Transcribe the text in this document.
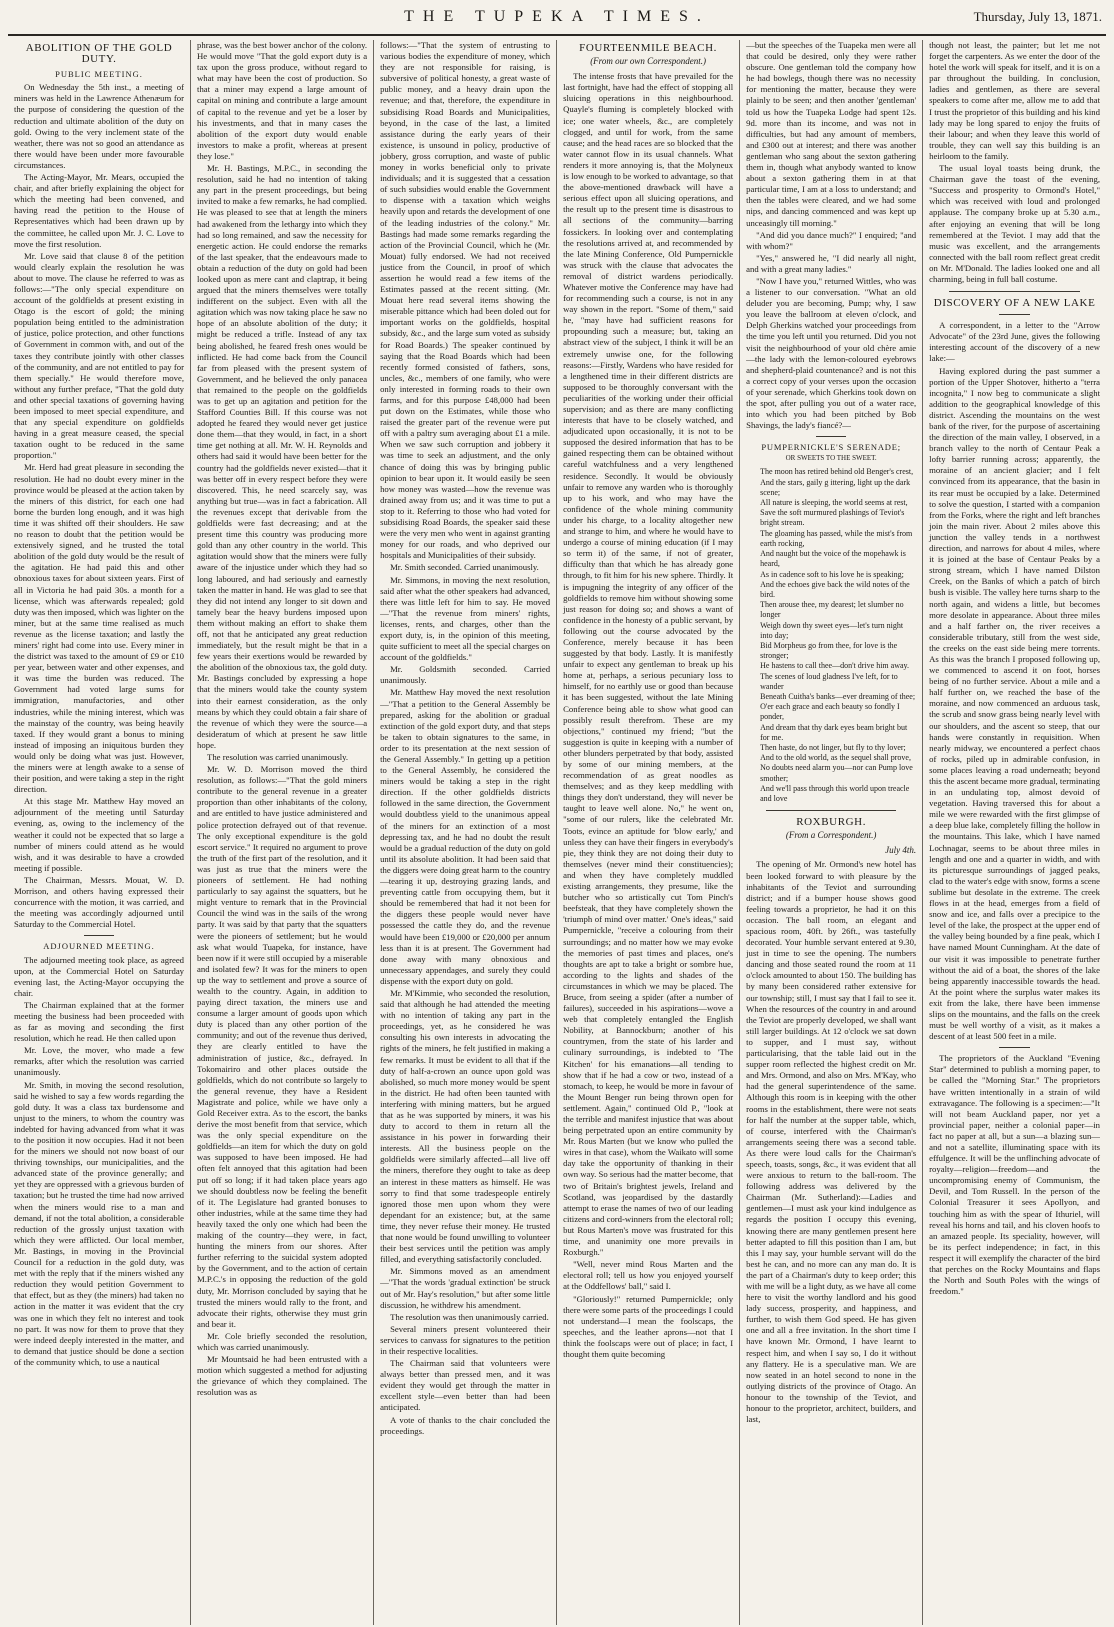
THE TUPEKA TIMES.	Thursday, July 13, 1871.
ABOLITION OF THE GOLD DUTY.
PUBLIC MEETING.

On Wednesday the 5th inst., a meeting of miners was held in the Lawrence Athenæum for the purpose of considering the question of the reduction and ultimate abolition of the duty on gold. Owing to the very inclement state of the weather, there was not so good an attendance as there would have been under more favourable circumstances.

The Acting-Mayor, Mr. Mears, occupied the chair, and after briefly explaining the object for which the meeting had been convened, and having read the petition to the House of Representatives which had been drawn up by the committee, he called upon Mr. J. C. Love to move the first resolution.

Mr. Love said that clause 8 of the petition would clearly explain the resolution he was about to move. The clause he referred to was as follows:—"The only special expenditure on account of the goldfields at present existing in Otago is the escort of gold; the mining population being entitled to the administration of justice, police protection, and other functions of Government in common with, and out of the taxes they contribute jointly with other classes of the community, and are not entitled to pay for them specially." He would therefore move, without any further preface, "That the gold duty and other special taxations of governing having been imposed to meet special expenditure, and that any special expenditure on goldfields having in a great measure ceased, the special taxation ought to be reduced in the same proportion."

Mr. Herd had great pleasure in seconding the resolution. He had no doubt every miner in the province would be pleased at the action taken by the miners of this district, for each one had borne the burden long enough, and it was high time it was shifted off their shoulders. He saw no reason to doubt that the petition would be extensively signed, and he trusted the total abolition of the gold duty would be the result of the agitation. He had paid this and other obnoxious taxes for about sixteen years. First of all in Victoria he had paid 30s. a month for a license, which was afterwards repealed; gold duty was then imposed, which was lighter on the miner, but at the same time realised as much revenue as the license taxation; and lastly the miners' right had come into use. Every miner in the district was taxed to the amount of £9 or £10 per year, between water and other expenses, and it was time the burden was reduced. The Government had voted large sums for immigration, manufactories, and other industries, while the mining interest, which was the mainstay of the country, was being heavily taxed. If they would grant a bonus to mining instead of imposing an iniquitous burden they would only be doing what was just. However, the miners were at length awake to a sense of their position, and were taking a step in the right direction.

At this stage Mr. Matthew Hay moved an adjournment of the meeting until Saturday evening, as, owing to the inclemency of the weather it could not be expected that so large a number of miners could attend as he would wish, and it was desirable to have a crowded meeting if possible.

The Chairman, Messrs. Mouat, W. D. Morrison, and others having expressed their concurrence with the motion, it was carried, and the meeting was accordingly adjourned until Saturday to the Commercial Hotel.

ADJOURNED MEETING.

The adjourned meeting took place, as agreed upon, at the Commercial Hotel on Saturday evening last, the Acting-Mayor occupying the chair.

The Chairman explained that at the former meeting the business had been proceeded with as far as moving and seconding the first resolution, which he read. He then called upon

Mr. Love, the mover, who made a few remarks, after which the resolution was carried unanimously.

Mr. Smith, in moving the second resolution, said he wished to say a few words regarding the gold duty. It was a class tax burdensome and unjust to the miners, to whom the country was indebted for having advanced from what it was to the position it now occupies. Had it not been for the miners we should not now boast of our thriving townships, our municipalities, and the advanced state of the province generally; and yet they are oppressed with a grievous burden of taxation; but he trusted the time had now arrived when the miners would rise to a man and demand, if not the total abolition, a considerable reduction of the grossly unjust taxation with which they were afflicted. Our local member, Mr. Bastings, in moving in the Provincial Council for a reduction in the gold duty, was met with the reply that if the miners wished any reduction they would petition Government to that effect, but as they (the miners) had taken no action in the matter it was evident that the cry was one in which they felt no interest and took no part. It was now for them to prove that they were indeed deeply interested in the matter, and to demand that justice should be done a section of the community which, to use a nautical

phrase, was the best bower anchor of the colony. He would move "That the gold export duty is a tax upon the gross produce, without regard to what may have been the cost of production. So that a miner may expend a large amount of capital on mining and contribute a large amount of capital to the revenue and yet be a loser by his investments, and that in many cases the abolition of the export duty would enable investors to make a profit, whereas at present they lose."

Mr. H. Bastings, M.P.C., in seconding the resolution, said he had no intention of taking any part in the present proceedings, but being invited to make a few remarks, he had complied. He was pleased to see that at length the miners had awakened from the lethargy into which they had so long remained, and saw the necessity for energetic action. He could endorse the remarks of the last speaker, that the endeavours made to obtain a reduction of the duty on gold had been looked upon as mere cant and claptrap, it being argued that the miners themselves were totally indifferent on the subject. Even with all the agitation which was now taking place he saw no hope of an absolute abolition of the duty; it might be reduced a trifle. Instead of any tax being abolished, he feared fresh ones would be inflicted. He had come back from the Council far from pleased with the present system of Government, and he believed the only panacea that remained to the people on the goldfields was to get up an agitation and petition for the Stafford Counties Bill. If this course was not adopted he feared they would never get justice done them—that they would, in fact, in a short time get nothing at all. Mr. W. H. Reynolds and others had said it would have been better for the country had the goldfields never existed—that it was better off in every respect before they were discovered. This, he need scarcely say, was anything but true—was in fact a fabrication. All the revenues except that derivable from the goldfields were fast decreasing; and at the present time this country was producing more gold than any other country in the world. This agitation would show that the miners were fully aware of the injustice under which they had so long laboured, and had seriously and earnestly taken the matter in hand. He was glad to see that they did not intend any longer to sit down and tamely bear the heavy burdens imposed upon them without making an effort to shake them off, not that he anticipated any great reduction immediately, but the result might be that in a few years their exertions would be rewarded by the abolition of the obnoxious tax, the gold duty. Mr. Bastings concluded by expressing a hope that the miners would take the county system into their earnest consideration, as the only means by which they could obtain a fair share of the revenue of which they were the source—a desideratum of which at present he saw little hope.

The resolution was carried unanimously.

Mr. W. D. Morrison moved the third resolution, as follows:—"That the gold miners contribute to the general revenue in a greater proportion than other inhabitants of the colony, and are entitled to have justice administered and police protection defrayed out of that revenue. The only exceptional expenditure is the gold escort service." It required no argument to prove the truth of the first part of the resolution, and it was just as true that the miners were the pioneers of settlement. He had nothing particularly to say against the squatters, but he might venture to remark that in the Provincial Council the wind was in the sails of the wrong party. It was said by that party that the squatters were the pioneers of settlement; but he would ask what would Tuapeka, for instance, have been now if it were still occupied by a miserable and isolated few? It was for the miners to open up the way to settlement and prove a source of wealth to the country. Again, in addition to paying direct taxation, the miners use and consume a larger amount of goods upon which duty is placed than any other portion of the community; and out of the revenue thus derived, they are clearly entitled to have the administration of justice, &c., defrayed. In Tokomairiro and other places outside the goldfields, which do not contribute so largely to the general revenue, they have a Resident Magistrate and police, while we have only a Gold Receiver extra. As to the escort, the banks derive the most benefit from that service, which was the only special expenditure on the goldfields—an item for which the duty on gold was supposed to have been imposed. He had often felt annoyed that this agitation had been put off so long; if it had taken place years ago we should doubtless now be feeling the benefit of it. The Legislature had granted bonuses to other industries, while at the same time they had heavily taxed the only one which had been the making of the country—they were, in fact, hunting the miners from our shores. After further referring to the suicidal system adopted by the Government, and to the action of certain M.P.C.'s in opposing the reduction of the gold duty, Mr. Morrison concluded by saying that he trusted the miners would rally to the front, and advocate their rights, otherwise they must grin and bear it.

Mr. Cole briefly seconded the resolution, which was carried unanimously.

Mr Mountsaid he had been entrusted with a motion which suggested a method for adjusting the grievance of which they complained. The resolution was as

follows:—"That the system of entrusting to various bodies the expenditure of money, which they are not responsible for raising, is subversive of political honesty, a great waste of public money, and a heavy drain upon the revenue; and that, therefore, the expenditure in subsidising Road Boards and Municipalities, beyond, in the case of the last, a limited assistance during the early years of their existence, is unsound in policy, productive of jobbery, gross corruption, and waste of public money in works beneficial only to private individuals; and it is suggested that a cessation of such subsidies would enable the Government to dispense with a taxation which weighs heavily upon and retards the development of one of the leading industries of the colony." Mr. Bastings had made some remarks regarding the action of the Provincial Council, which he (Mr. Mouat) fully endorsed. We had not received justice from the Council, in proof of which assertion he would read a few items of the Estimates passed at the recent sitting. (Mr. Mouat here read several items showing the miserable pittance which had been doled out for important works on the goldfields, hospital subsidy, &c., and the large sum voted as subsidy for Road Boards.) The speaker continued by saying that the Road Boards which had been recently formed consisted of fathers, sons, uncles, &c., members of one family, who were only interested in forming roads to their own farms, and for this purpose £48,000 had been put down on the Estimates, while those who raised the greater part of the revenue were put off with a paltry sum averaging about £1 a mile. When we saw such corruption and jobbery it was time to seek an adjustment, and the only chance of doing this was by bringing public opinion to bear upon it. It would easily be seen how money was wasted—how the revenue was drained away from us; and it was time to put a stop to it. Referring to those who had voted for subsidising Road Boards, the speaker said these were the very men who went in against granting money for our roads, and who deprived our hospitals and Municipalities of their subsidy.

Mr. Smith seconded. Carried unanimously.

Mr. Simmons, in moving the next resolution, said after what the other speakers had advanced, there was little left for him to say. He moved—"That the revenue from miners' rights, licenses, rents, and charges, other than the export duty, is, in the opinion of this meeting, quite sufficient to meet all the special charges on account of the goldfields."

Mr. Goldsmith seconded. Carried unanimously.

Mr. Matthew Hay moved the next resolution—"That a petition to the General Assembly be prepared, asking for the abolition or gradual extinction of the gold export duty, and that steps be taken to obtain signatures to the same, in order to its presentation at the next session of the General Assembly." In getting up a petition to the General Assembly, he considered the miners would be taking a step in the right direction. If the other goldfields districts followed in the same direction, the Government would doubtless yield to the unanimous appeal of the miners for an extinction of a most depressing tax, and he had no doubt the result would be a gradual reduction of the duty on gold until its absolute abolition. It had been said that the diggers were doing great harm to the country—tearing it up, destroying grazing lands, and preventing cattle from occupying them, but it should be remembered that had it not been for the diggers these people would never have possessed the cattle they do, and the revenue would have been £19,000 or £20,000 per annum less than it is at present. The Government had done away with many obnoxious and unnecessary appendages, and surely they could dispense with the export duty on gold.

Mr. M'Kimmie, who seconded the resolution, said that although he had attended the meeting with no intention of taking any part in the proceedings, yet, as he considered he was consulting his own interests in advocating the rights of the miners, he felt justified in making a few remarks. It must be evident to all that if the duty of half-a-crown an ounce upon gold was abolished, so much more money would be spent in the district. He had often been taunted with interfering with mining matters, but he argued that as he was supported by miners, it was his duty to accord to them in return all the assistance in his power in forwarding their interests. All the business people on the goldfields were similarly affected—all live off the miners, therefore they ought to take as deep an interest in these matters as himself. He was sorry to find that some tradespeople entirely ignored those men upon whom they were dependant for an existence; but, at the same time, they never refuse their money. He trusted that none would be found unwilling to volunteer their best services until the petition was amply filled, and everything satisfactorily concluded.

Mr. Simmons moved as an amendment—"That the words 'gradual extinction' be struck out of Mr. Hay's resolution," but after some little discussion, he withdrew his amendment.

The resolution was then unanimously carried.

Several miners present volunteered their services to canvass for signatures to the petition in their respective localities.

The Chairman said that volunteers were always better than pressed men, and it was evident they would get through the matter in excellent style—even better than had been anticipated.

A vote of thanks to the chair concluded the proceedings.

FOURTEENMILE BEACH.
(From our own Correspondent.)

The intense frosts that have prevailed for the last fortnight, have had the effect of stopping all sluicing operations in this neighbourhood. Quayle's fluming is completely blocked with ice; one water wheels, &c., are completely clogged, and until for work, from the same cause; and the head races are so blocked that the water cannot flow in its usual channels. What renders it more annoying is, that the Molyneux is low enough to be worked to advantage, so that the above-mentioned drawback will have a serious effect upon all sluicing operations, and the result up to the present time is disastrous to all sections of the community—barring fossickers. In looking over and contemplating the resolutions arrived at, and recommended by the late Mining Conference, Old Pumpernickle was struck with the clause that advocates the removal of district wardens periodically. Whatever motive the Conference may have had for recommending such a course, is not in any way shown in the report. "Some of them," said he, "may have had sufficient reasons for propounding such a measure; but, taking an abstract view of the subject, I think it will be an extremely unwise one, for the following reasons:—Firstly, Wardens who have resided for a lengthened time in their different districts are supposed to be thoroughly conversant with the peculiarities of the working under their official supervision; and as there are many conflicting interests that have to be closely watched, and adjudicated upon occasionally, it is not to be supposed the desired information that has to be gained respecting them can be obtained without careful watchfulness and a very lengthened residence. Secondly. It would be obviously unfair to remove any warden who is thoroughly up to his work, and who may have the confidence of the whole mining community under his charge, to a locality altogether new and strange to him, and where he would have to undergo a course of mining education (if I may so term it) of the same, if not of greater, difficulty than that which he has already gone through, to fit him for his new sphere. Thirdly. It is impugning the integrity of any officer of the goldfields to remove him without showing some just reason for doing so; and shows a want of confidence in the honesty of a public servant, by following out the course advocated by the Conference, merely because it has been suggested by that body. Lastly. It is manifestly unfair to expect any gentleman to break up his home at, perhaps, a serious pecuniary loss to himself, for no earthly use or good than because it has been suggested, without the late Mining Conference being able to show what good can possibly result therefrom. These are my objections," continued my friend; "but the suggestion is quite in keeping with a number of other blunders perpetrated by that body, assisted by some of our mining members, at the recommendation of as great noodles as themselves; and as they keep meddling with things they don't understand, they will never be taught to leave well alone. No," he went on, "some of our rulers, like the celebrated Mr. Toots, evince an aptitude for 'blow early,' and unless they can have their fingers in everybody's pie, they think they are not doing their duty to themselves (never mind their constituencies); and when they have completely muddled existing arrangements, they presume, like the butcher who so artistically cut Tom Pinch's beefsteak, that they have completely shown the 'triumph of mind over matter.' One's ideas," said Pumpernickle, "receive a colouring from their surroundings; and no matter how we may evoke the memories of past times and places, one's thoughts are apt to take a bright or sombre hue, according to the lights and shades of the circumstances in which we may be placed. The Bruce, from seeing a spider (after a number of failures), succeeded in his aspirations—wove a web that completely entangled the English Nobility, at Bannockburn; another of his countrymen, from the state of his larder and culinary surroundings, is indebted to 'The Kitchen' for his emanations—all tending to show that if he had a cow or two, instead of a stomach, to keep, he would be more in favour of the Mount Benger run being thrown open for settlement. Again," continued Old P., "look at the terrible and manifest injustice that was about being perpetrated upon an entire community by Mr. Rous Marten (but we know who pulled the wires in that case), whom the Waikato will some day take the opportunity of thanking in their own way. So serious had the matter become, that two of Britain's brightest jewels, Ireland and Scotland, was jeopardised by the dastardly attempt to erase the names of two of our leading citizens and cord-winners from the electoral roll; but Rous Marten's move was frustrated for this time, and unanimity one more prevails in Roxburgh."

"Well, never mind Rous Marten and the electoral roll; tell us how you enjoyed yourself at the Oddfellows' ball," said I.

"Gloriously!" returned Pumpernickle; only there were some parts of the proceedings I could not understand—I mean the foolscaps, the speeches, and the leather aprons—not that I think the foolscaps were out of place; in fact, I thought them quite becoming

—but the speeches of the Tuapeka men were all that could be desired, only they were rather obscure. One gentleman told the company how he had bowlegs, though there was no necessity for mentioning the matter, because they were plainly to be seen; and then another 'gentleman' told us how the Tuapeka Lodge had spent 12s. 9d. more than its income, and was not in difficulties, but had any amount of members, and £300 out at interest; and there was another gentleman who sang about the sexton gathering them in, though what anybody wanted to know about a sexton gathering them in at that particular time, I am at a loss to understand; and then the tables were cleared, and we had some nips, and dancing commenced and was kept up unceasingly till morning."

"And did you dance much?" I enquired; "and with whom?"

"Yes," answered he, "I did nearly all night, and with a great many ladies."

"Now I have you," returned Wittles, who was a listener to our conversation. "What an old deluder you are becoming, Pump; why, I saw you leave the ballroom at eleven o'clock, and Delph Gherkins watched your proceedings from the time you left until you returned. Did you not visit the neighbourhood of your old chère amie—the lady with the lemon-coloured eyebrows and shepherd-plaid countenance? and is not this a correct copy of your verses upon the occasion of your serenade, which Gherkins took down on the spot, after pulling you out of a water race, into which you had been pitched by Bob Shavings, the lady's fiancé?—

PUMPERNICKLE'S SERENADE;
OR SWEETS TO THE SWEET.
The moon has retired behind old Benger's crest,
And the stars, gaily g ittering, light up the dark scene;
All nature is sleeping, the world seems at rest,
Save the soft murmured plashings of Teviot's bright stream.
The gloaming has passed, while the mist's from earth rocking,
And naught but the voice of the mopehawk is heard,
As in cadence soft to his love he is speaking;
And the echoes give back the wild notes of the bird.
Then arouse thee, my dearest; let slumber no longer
Weigh down thy sweet eyes—let's turn night into day;
Bid Morpheus go from thee, for love is the stronger;
He hastens to call thee—don't drive him away.
The scenes of loud gladness I've left, for to wander
Beneath Cuitha's banks—ever dreaming of thee;
O'er each grace and each beauty so fondly I ponder,
And dream that thy dark eyes beam bright but for me.
Then haste, do not linger, but fly to thy lover;
And to the old world, as the sequel shall prove,
No doubts need alarm you—nor can Pump love smother;
And we'll pass through this world upon treacle and love
ROXBURGH.
(From a Correspondent.)
July 4th.

The opening of Mr. Ormond's new hotel has been looked forward to with pleasure by the inhabitants of the Teviot and surrounding district; and if a bumper house shows good feeling towards a proprietor, he had it on this occasion. The ball room, an elegant and spacious room, 40ft. by 26ft., was tastefully decorated. Your humble servant entered at 9.30, just in time to see the opening. The numbers dancing and those seated round the room at 11 o'clock amounted to about 150. The building has by many been considered rather extensive for our township; still, I must say that I fail to see it. When the resources of the country in and around the Teviot are properly developed, we shall want still larger buildings. At 12 o'clock we sat down to supper, and I must say, without particularising, that the table laid out in the supper room reflected the highest credit on Mr. and Mrs. Ormond, and also on Mrs. M'Kay, who had the general superintendence of the same. Although this room is in keeping with the other rooms in the establishment, there were not seats for half the number at the supper table, which, of course, interfered with the Chairman's arrangements seeing there was a second table. As there were loud calls for the Chairman's speech, toasts, songs, &c., it was evident that all were anxious to return to the ball-room. The following address was delivered by the Chairman (Mr. Sutherland):—Ladies and gentlemen—I must ask your kind indulgence as regards the position I occupy this evening, knowing there are many gentlemen present here better adapted to fill this position than I am, but this I may say, your humble servant will do the best he can, and no more can any man do. It is the part of a Chairman's duty to keep order; this with me will be a light duty, as we have all come here to visit the worthy landlord and his good lady success, prosperity, and happiness, and further, to wish them God speed. He has given one and all a free invitation. In the short time I have known Mr. Ormond, I have learnt to respect him, and when I say so, I do it without any flattery. He is a speculative man. We are now seated in an hotel second to none in the outlying districts of the province of Otago. An honour to the township of the Teviot, and honour to the proprietor, architect, builders, and last,

though not least, the painter; but let me not forget the carpenters. As we enter the door of the hotel the work will speak for itself, and it is on a par throughout the building. In conclusion, ladies and gentlemen, as there are several speakers to come after me, allow me to add that I trust the proprietor of this building and his kind lady may be long spared to enjoy the fruits of their labour; and when they leave this world of trouble, they can well say this building is an heirloom to the family.

The usual loyal toasts being drunk, the Chairman gave the toast of the evening, "Success and prosperity to Ormond's Hotel," which was received with loud and prolonged applause. The company broke up at 5.30 a.m., after enjoying an evening that will be long remembered at the Teviot. I may add that the music was excellent, and the arrangements connected with the ball room reflect great credit on Mr. M'Donald. The ladies looked one and all charming, being in full ball costume.

DISCOVERY OF A NEW LAKE

A correspondent, in a letter to the "Arrow Advocate" of the 23rd June, gives the following interesting account of the discovery of a new lake:—

Having explored during the past summer a portion of the Upper Shotover, hitherto a "terra incognita," I now beg to communicate a slight addition to the geographical knowledge of this district. Ascending the mountains on the west bank of the river, for the purpose of ascertaining the direction of the main valley, I observed, in a branch valley to the north of Centaur Peak a lofty barrier running across; apparently, the moraine of an ancient glacier; and I felt convinced from its appearance, that the basin in its rear must be occupied by a lake. Determined to solve the question, I started with a companion from the Forks, where the right and left branches join the main river. About 2 miles above this junction the valley tends in a northwest direction, and narrows for about 4 miles, where it is joined at the base of Centaur Peaks by a strong stream, which I have named Dilston Creek, on the Banks of which a patch of birch bush is visible. The valley here turns sharp to the north again, and widens a little, but becomes more desolate in appearance. About three miles and a half farther on, the river receives a considerable tributary, still from the west side, the creeks on the east side being mere torrents. As this was the branch I proposed following up, we commenced to ascend it on foot, horses being of no further service. About a mile and a half further on, we reached the base of the moraine, and now commenced an arduous task, the scrub and snow grass being nearly level with our shoulders, and the ascent so steep, that our hands were constantly in requisition. When nearly midway, we encountered a perfect chaos of rocks, piled up in admirable confusion, in some places leaving a road underneath; beyond this the ascent became more gradual, terminating in an undulating top, almost devoid of vegetation. Having traversed this for about a mile we were rewarded with the first glimpse of a deep blue lake, completely filling the hollow in the mountains. This lake, which I have named Lochnagar, seems to be about three miles in length and one and a quarter in width, and with its picturesque surroundings of jagged peaks, clad to the water's edge with snow, forms a scene sublime but desolate in the extreme. The creek flows in at the head, emerges from a field of snow and ice, and falls over a precipice to the level of the lake, the prospect at the upper end of the valley being bounded by a fine peak, which I have named Mount Cunningham. At the date of our visit it was impossible to penetrate further without the aid of a boat, the shores of the lake being apparently inaccessible towards the head. At the point where the surplus water makes its exit from the lake, there have been immense slips on the mountains, and the falls on the creek must be well worthy of a visit, as it makes a descent of at least 500 feet in a mile.

The proprietors of the Auckland "Evening Star" determined to publish a morning paper, to be called the "Morning Star." The proprietors have written intentionally in a strain of wild extravagance. The following is a specimen:—"It will not beam Auckland paper, nor yet a provincial paper, neither a colonial paper—in fact no paper at all, but a sun—a blazing sun—and not a satellite, illuminating space with its effulgence. It will be the unflinching advocate of royalty—religion—freedom—and the uncompromising enemy of Communism, the Devil, and Tom Russell. In the person of the Colonial Treasurer it sees Apollyon, and touching him as with the spear of Ithuriel, will reveal his horns and tail, and his cloven hoofs to an amazed people. Its speciality, however, will be its perfect independence; in fact, in this respect it will exemplify the character of the bird that perches on the Rocky Mountains and flaps the North and South Poles with the wings of freedom."
